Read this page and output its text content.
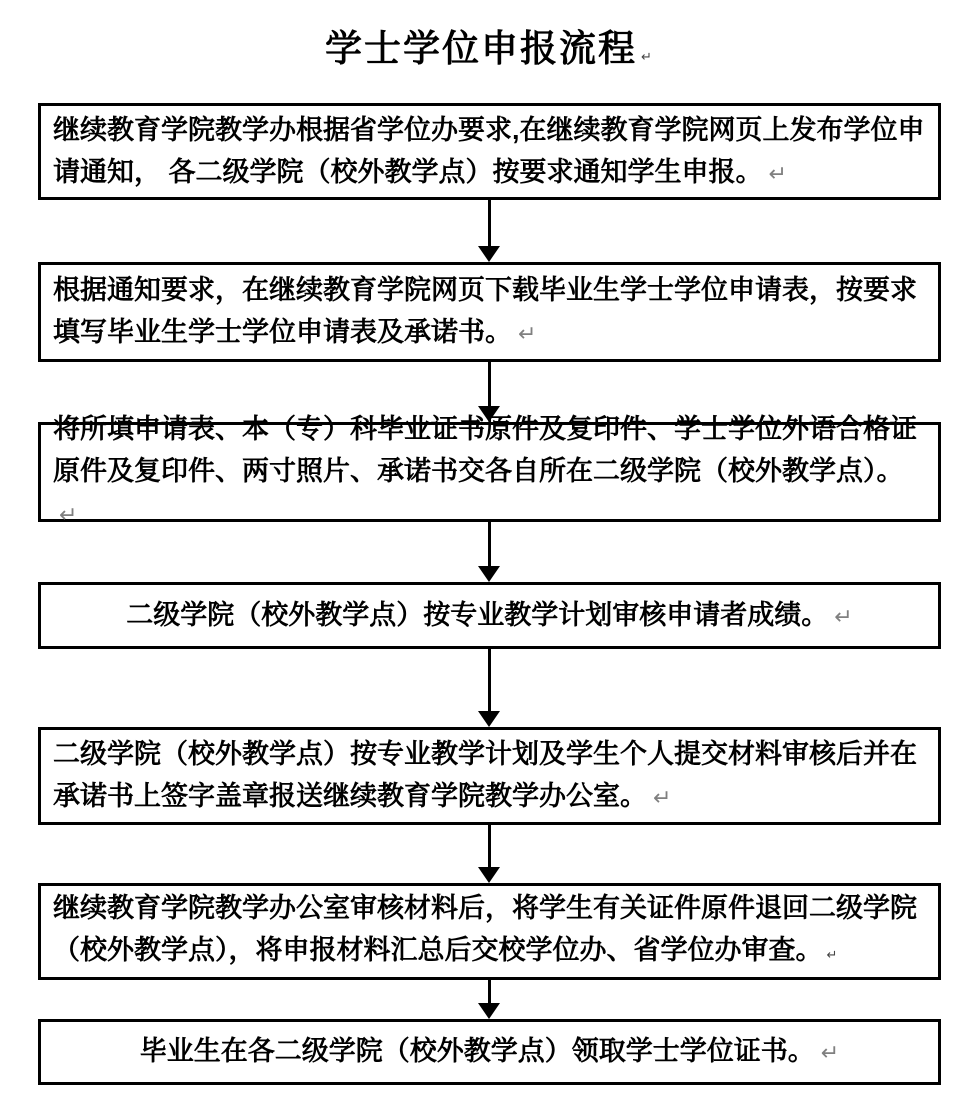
学士学位申报流程 ↵
继续教育学院教学办根据省学位办要求,在继续教育学院网页上发布学位申请通知， 各二级学院（校外教学点）按要求通知学生申报。 ↵
根据通知要求，在继续教育学院网页下载毕业生学士学位申请表，按要求填写毕业生学士学位申请表及承诺书。 ↵
将所填申请表、本（专）科毕业证书原件及复印件、学士学位外语合格证原件及复印件、两寸照片、承诺书交各自所在二级学院（校外教学点）。↵
二级学院（校外教学点）按专业教学计划审核申请者成绩。 ↵
二级学院（校外教学点）按专业教学计划及学生个人提交材料审核后并在承诺书上签字盖章报送继续教育学院教学办公室。 ↵
继续教育学院教学办公室审核材料后，将学生有关证件原件退回二级学院（校外教学点），将申报材料汇总后交校学位办、省学位办审查。 ↵
毕业生在各二级学院（校外教学点）领取学士学位证书。 ↵
